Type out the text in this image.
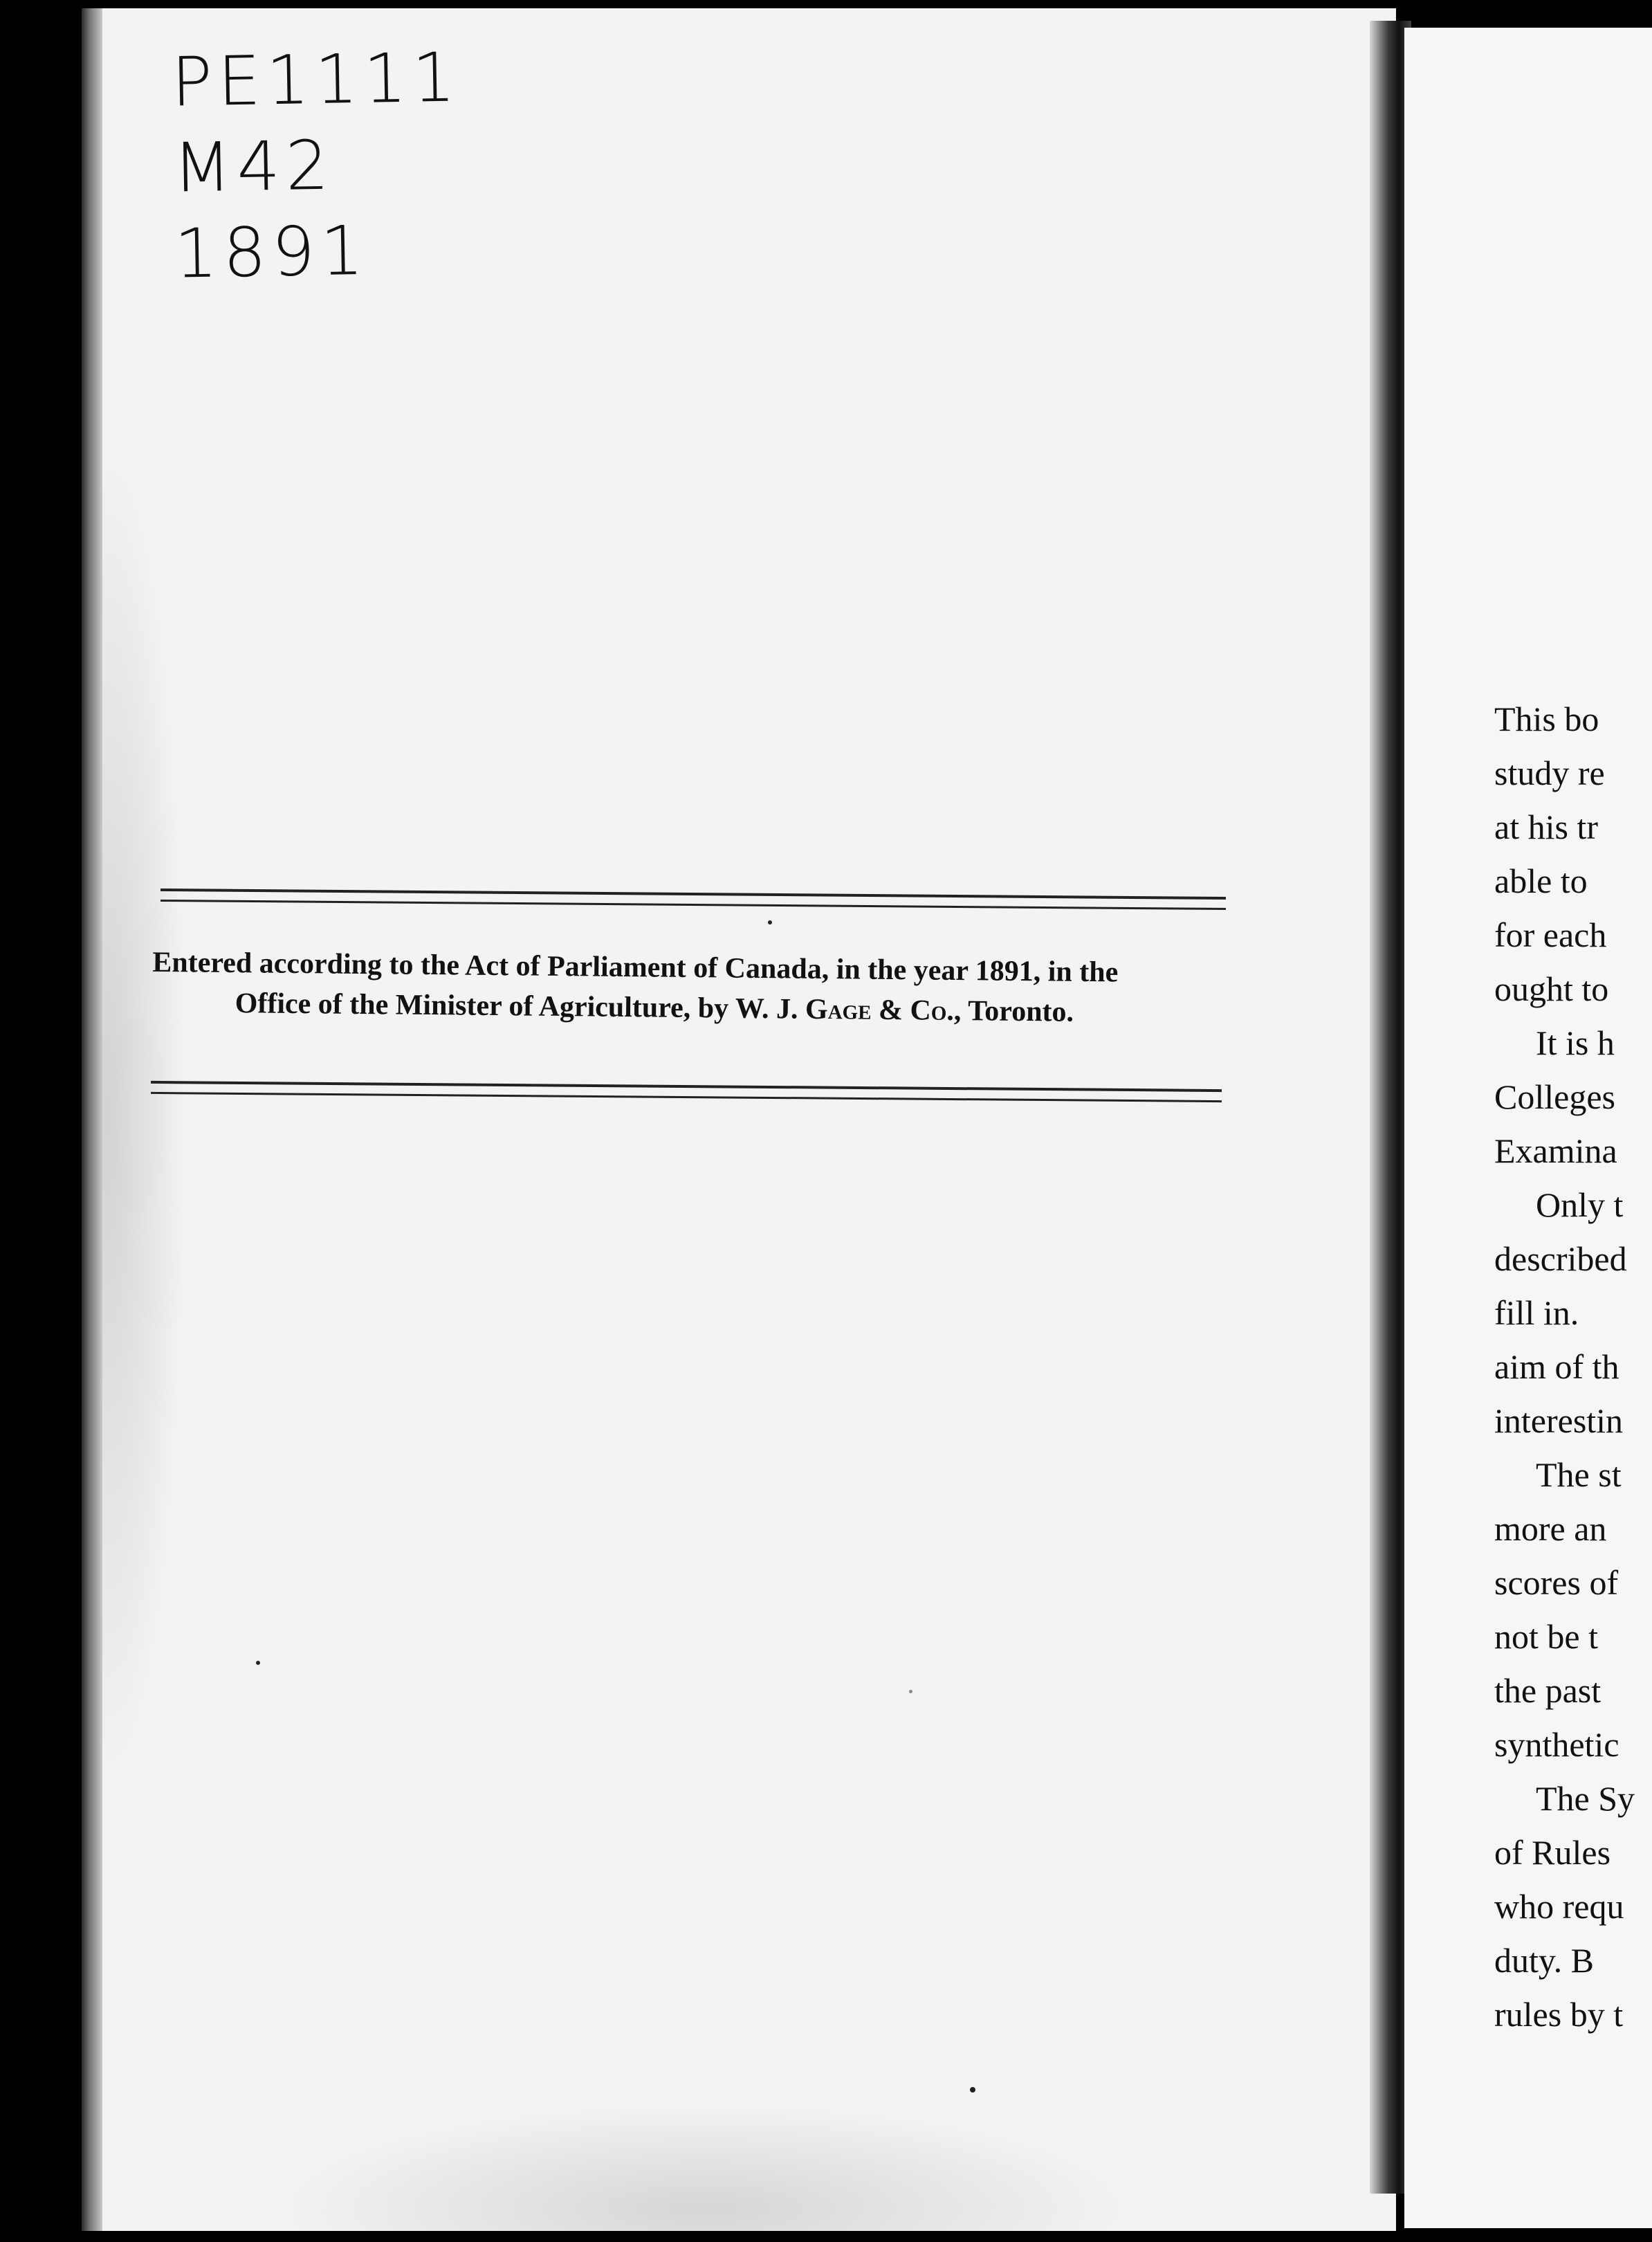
PE1111
M42
1891
Entered according to the Act of Parliament of Canada, in the year 1891, in the
Office of the Minister of Agriculture, by W. J. Gage & Co., Toronto.
This bo
study re
at his tr
able to
for each
ought to
It is h
Colleges
Examina
Only t
described
fill in.
aim of th
interestin
The st
more an
scores of
not be t
the past
synthetic
The Sy
of Rules
who requ
duty. B
rules by t
